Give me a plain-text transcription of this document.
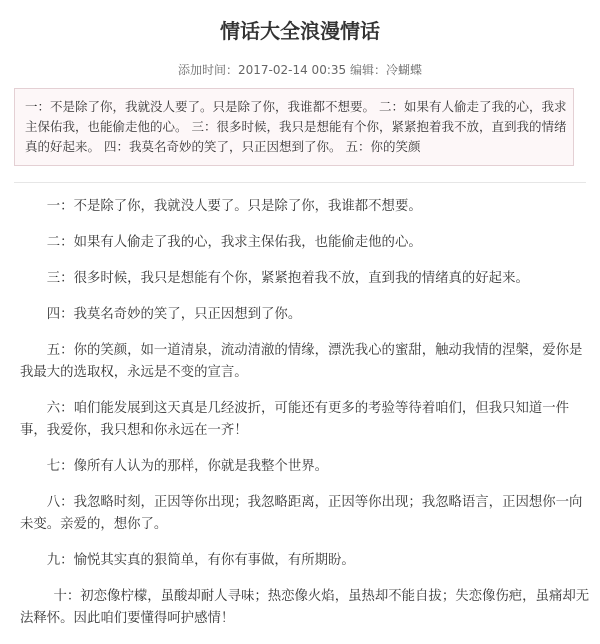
情话大全浪漫情话
添加时间：2017-02-14 00:35 编辑：冷蝴蝶
一：不是除了你，我就没人要了。只是除了你，我谁都不想要。 二：如果有人偷走了我的心，我求主保佑我，也能偷走他的心。 三：很多时候，我只是想能有个你，紧紧抱着我不放，直到我的情绪真的好起来。 四：我莫名奇妙的笑了，只正因想到了你。 五：你的笑颜

一：不是除了你，我就没人要了。只是除了你，我谁都不想要。

二：如果有人偷走了我的心，我求主保佑我，也能偷走他的心。

三：很多时候，我只是想能有个你，紧紧抱着我不放，直到我的情绪真的好起来。

四：我莫名奇妙的笑了，只正因想到了你。

五：你的笑颜，如一道清泉，流动清澈的情缘，漂洗我心的蜜甜，触动我情的涅槃，爱你是我最大的选取权，永远是不变的宣言。

六：咱们能发展到这天真是几经波折，可能还有更多的考验等待着咱们，但我只知道一件事，我爱你，我只想和你永远在一齐！

七：像所有人认为的那样，你就是我整个世界。

八：我忽略时刻，正因等你出现；我忽略距离，正因等你出现；我忽略语言，正因想你一向未变。亲爱的，想你了。

九：愉悦其实真的狠简单，有你有事做，有所期盼。

十：初恋像柠檬，虽酸却耐人寻味；热恋像火焰，虽热却不能自拔；失恋像伤疤，虽痛却无法释怀。因此咱们要懂得呵护感情！
